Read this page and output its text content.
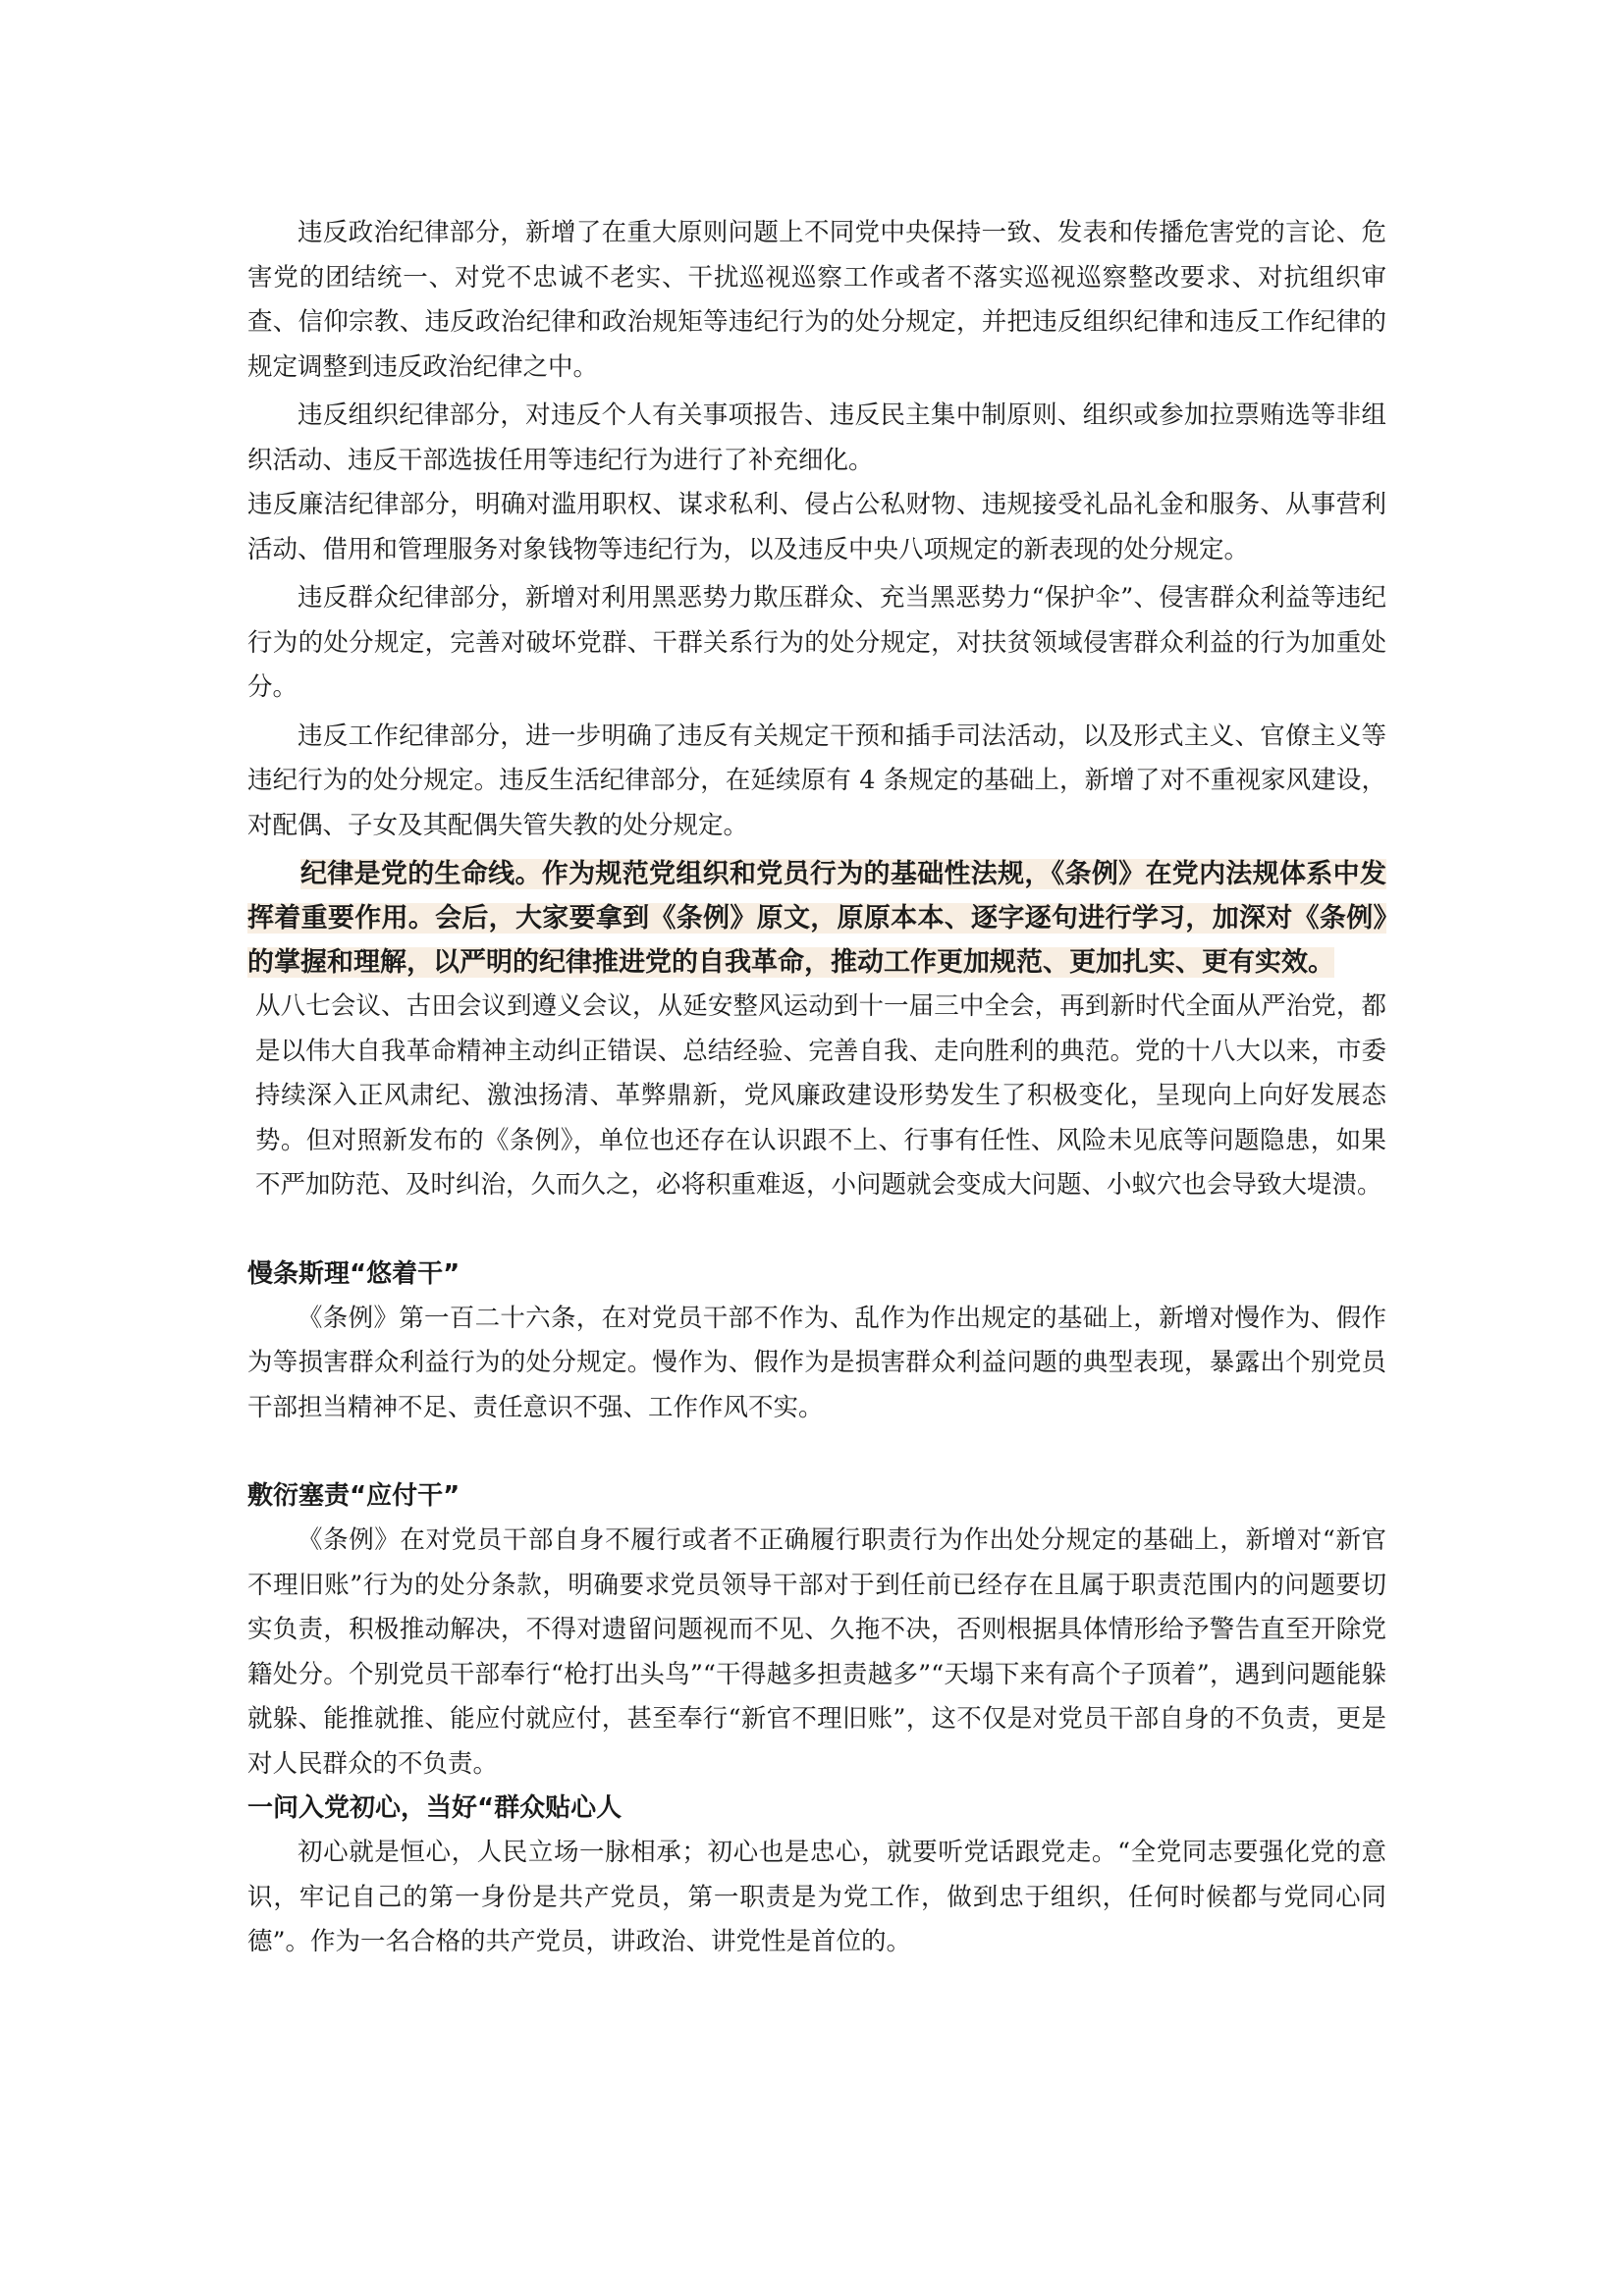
违反政治纪律部分，新增了在重大原则问题上不同党中央保持一致、发表和传播危害党的言论、危害党的团结统一、对党不忠诚不老实、干扰巡视巡察工作或者不落实巡视巡察整改要求、对抗组织审查、信仰宗教、违反政治纪律和政治规矩等违纪行为的处分规定，并把违反组织纪律和违反工作纪律的规定调整到违反政治纪律之中。

违反组织纪律部分，对违反个人有关事项报告、违反民主集中制原则、组织或参加拉票贿选等非组织活动、违反干部选拔任用等违纪行为进行了补充细化。

违反廉洁纪律部分，明确对滥用职权、谋求私利、侵占公私财物、违规接受礼品礼金和服务、从事营利活动、借用和管理服务对象钱物等违纪行为，以及违反中央八项规定的新表现的处分规定。

违反群众纪律部分，新增对利用黑恶势力欺压群众、充当黑恶势力“保护伞”、侵害群众利益等违纪行为的处分规定，完善对破坏党群、干群关系行为的处分规定，对扶贫领域侵害群众利益的行为加重处分。

违反工作纪律部分，进一步明确了违反有关规定干预和插手司法活动，以及形式主义、官僚主义等违纪行为的处分规定。违反生活纪律部分，在延续原有 4 条规定的基础上，新增了对不重视家风建设，对配偶、子女及其配偶失管失教的处分规定。

纪律是党的生命线。作为规范党组织和党员行为的基础性法规，《条例》在党内法规体系中发挥着重要作用。会后，大家要拿到《条例》原文，原原本本、逐字逐句进行学习，加深对《条例》的掌握和理解，以严明的纪律推进党的自我革命，推动工作更加规范、更加扎实、更有实效。

从八七会议、古田会议到遵义会议，从延安整风运动到十一届三中全会，再到新时代全面从严治党，都是以伟大自我革命精神主动纠正错误、总结经验、完善自我、走向胜利的典范。党的十八大以来，市委持续深入正风肃纪、激浊扬清、革弊鼎新，党风廉政建设形势发生了积极变化，呈现向上向好发展态势。但对照新发布的《条例》，单位也还存在认识跟不上、行事有任性、风险未见底等问题隐患，如果不严加防范、及时纠治，久而久之，必将积重难返，小问题就会变成大问题、小蚁穴也会导致大堤溃。

慢条斯理“悠着干”

《条例》第一百二十六条，在对党员干部不作为、乱作为作出规定的基础上，新增对慢作为、假作为等损害群众利益行为的处分规定。慢作为、假作为是损害群众利益问题的典型表现，暴露出个别党员干部担当精神不足、责任意识不强、工作作风不实。

敷衍塞责“应付干”

《条例》在对党员干部自身不履行或者不正确履行职责行为作出处分规定的基础上，新增对“新官不理旧账”行为的处分条款，明确要求党员领导干部对于到任前已经存在且属于职责范围内的问题要切实负责，积极推动解决，不得对遗留问题视而不见、久拖不决，否则根据具体情形给予警告直至开除党籍处分。个别党员干部奉行“枪打出头鸟”“干得越多担责越多”“天塌下来有高个子顶着”，遇到问题能躲就躲、能推就推、能应付就应付，甚至奉行“新官不理旧账”，这不仅是对党员干部自身的不负责，更是对人民群众的不负责。

一问入党初心，当好“群众贴心人

初心就是恒心，人民立场一脉相承；初心也是忠心，就要听党话跟党走。“全党同志要强化党的意识，牢记自己的第一身份是共产党员，第一职责是为党工作，做到忠于组织，任何时候都与党同心同德”。作为一名合格的共产党员，讲政治、讲党性是首位的。
